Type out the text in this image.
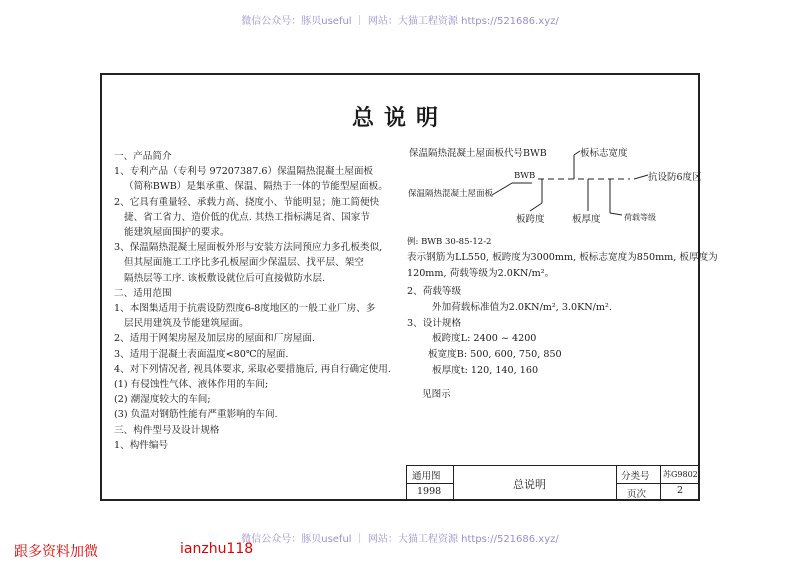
微信公众号：豚贝useful ｜ 网站：大猫工程资源 https://521686.xyz/
总说明
一、产品简介
1、专利产品（专利号 97207387.6）保温隔热混凝土屋面板
（简称BWB）是集承重、保温、隔热于一体的节能型屋面板。
2、它具有重量轻、承载力高、挠度小、节能明显；施工简便快
捷、省工省力、造价低的优点. 其热工指标满足省、国家节
能建筑屋面围护的要求。
3、保温隔热混凝土屋面板外形与安装方法同预应力多孔板类似,
但其屋面施工工序比多孔板屋面少保温层、找平层、架空
隔热层等工序. 该板敷设就位后可直接做防水层.
二、适用范围
1、本图集适用于抗震设防烈度6-8度地区的一般工业厂房、多
层民用建筑及节能建筑屋面。
2、适用于网架房屋及加层房的屋面和厂房屋面.
3、适用于混凝土表面温度<80℃的屋面.
4、对下列情况者, 视具体要求, 采取必要措施后, 再自行确定使用.
(1) 有侵蚀性气体、液体作用的车间;
(2) 潮湿度较大的车间;
(3) 负温对钢筋性能有严重影响的车间.
三、构件型号及设计规格
1、构件编号
保温隔热混凝土屋面板代号BWB	板标志宽度
抗设防6度区
保温隔热混凝土屋面板
BWB
板跨度	板厚度	荷载等级
例: BWB 30-85-12-2
表示钢筋为LL550, 板跨度为3000mm, 板标志宽度为850mm, 板厚度为
120mm, 荷载等级为2.0KN/m²。
2、荷载等级
外加荷载标准值为2.0KN/m², 3.0KN/m².
3、设计规格
板跨度L: 2400 ~ 4200
板宽度B: 500, 600, 750, 850
板厚度t: 120, 140, 160
见图示
通用图
1998
总说明
分类号 苏G9802
页次	2
微信公众号：豚贝useful ｜ 网站：大猫工程资源 https://521686.xyz/
跟多资料加微	ianzhu118
